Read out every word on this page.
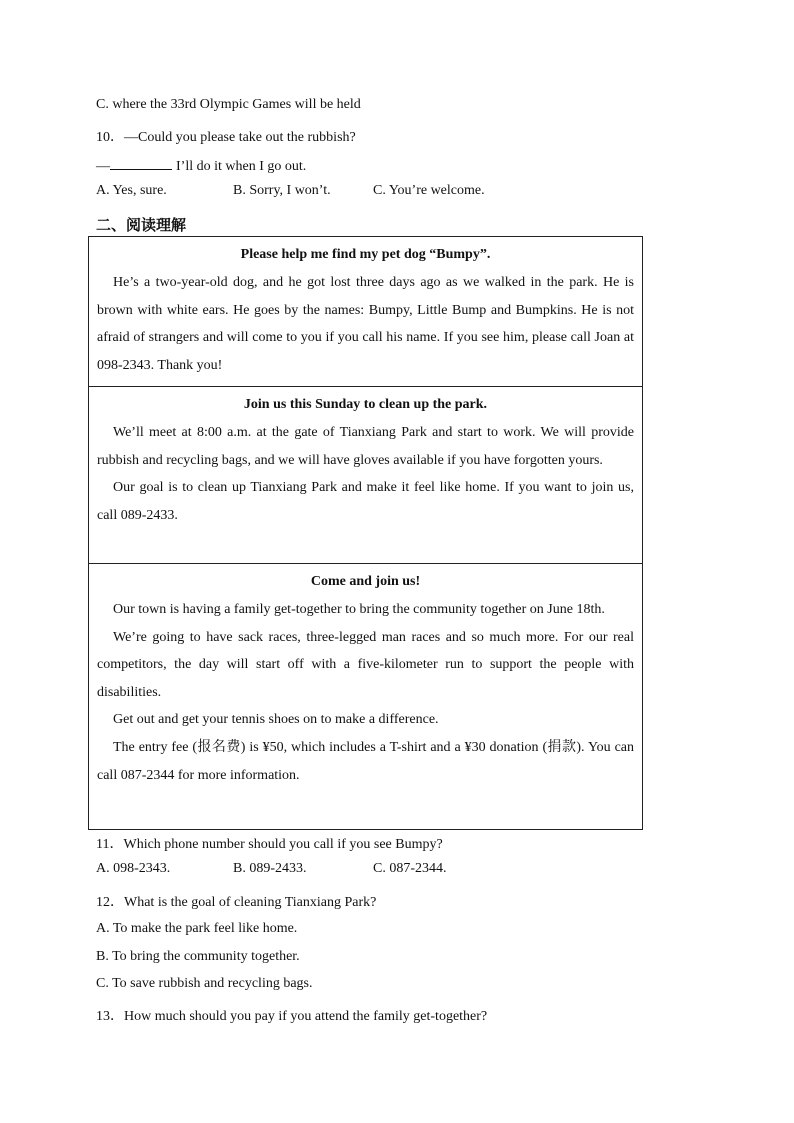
C. where the 33rd Olympic Games will be held
10．—Could you please take out the rubbish?
—	I’ll do it when I go out.
A. Yes, sure.	B. Sorry, I won’t.	C. You’re welcome.
二、阅读理解
Please help me find my pet dog “Bumpy”.
He’s a two-year-old dog, and he got lost three days ago as we walked in the park. He is brown with white ears. He goes by the names: Bumpy, Little Bump and Bumpkins. He is not afraid of strangers and will come to you if you call his name. If you see him, please call Joan at 098-2343. Thank you!
Join us this Sunday to clean up the park.
We’ll meet at 8:00 a.m. at the gate of Tianxiang Park and start to work. We will provide rubbish and recycling bags, and we will have gloves available if you have forgotten yours.
Our goal is to clean up Tianxiang Park and make it feel like home. If you want to join us, call 089-2433.
Come and join us!
Our town is having a family get-together to bring the community together on June 18th.
We’re going to have sack races, three-legged man races and so much more. For our real competitors, the day will start off with a five-kilometer run to support the people with disabilities.
Get out and get your tennis shoes on to make a difference.
The entry fee (报名费) is ¥50, which includes a T-shirt and a ¥30 donation (捐款). You can call 087-2344 for more information.
11．Which phone number should you call if you see Bumpy?
A. 098-2343.	B. 089-2433.	C. 087-2344.
12．What is the goal of cleaning Tianxiang Park?
A. To make the park feel like home.
B. To bring the community together.
C. To save rubbish and recycling bags.
13．How much should you pay if you attend the family get-together?
